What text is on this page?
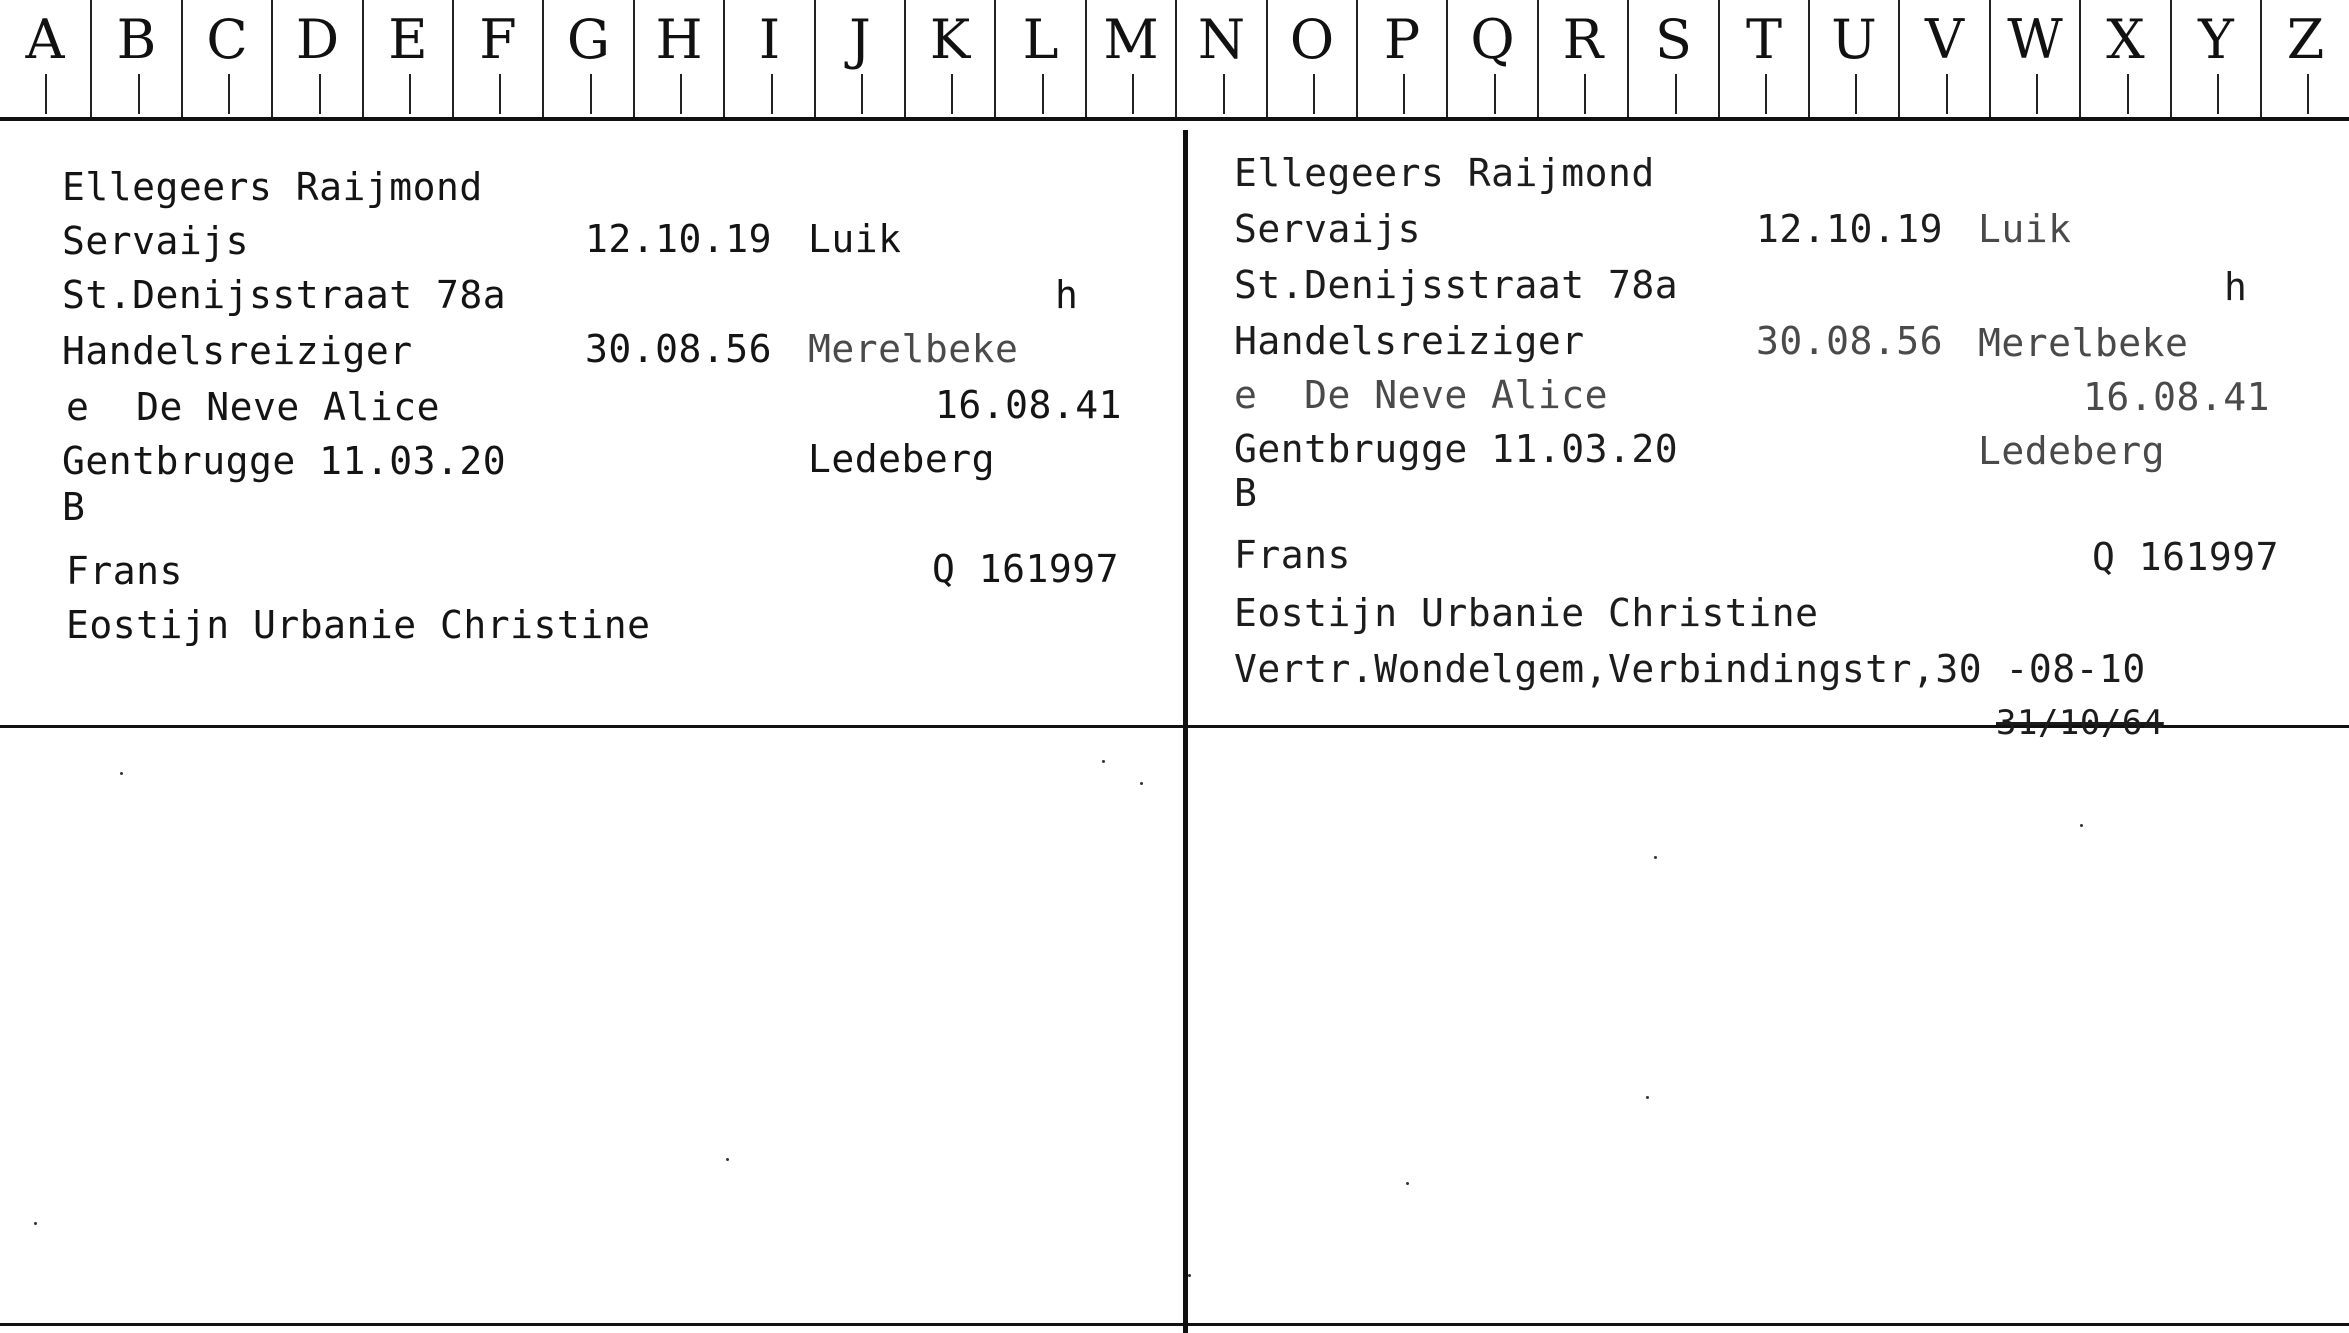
A B C D E F G H	I	J	K L M N O P Q R S T U V W X Y Z
Ellegeers Raijmond
Servaijs	12.10.19 Luik
St.Denijsstraat 78a	h
Handelsreiziger	30.08.56 Merelbeke
e  De Neve Alice	16.08.41
Gentbrugge 11.03.20	Ledeberg
B
Frans	Q 161997
Eostijn Urbanie Christine
Ellegeers Raijmond
Servaijs	12.10.19 Luik
St.Denijsstraat 78a	h
Handelsreiziger	30.08.56 Merelbeke
e  De Neve Alice	16.08.41
Gentbrugge 11.03.20	Ledeberg
B
Frans	Q 161997
Eostijn Urbanie Christine
Vertr.Wondelgem,Verbindingstr,30 -08-10
31/10/64
